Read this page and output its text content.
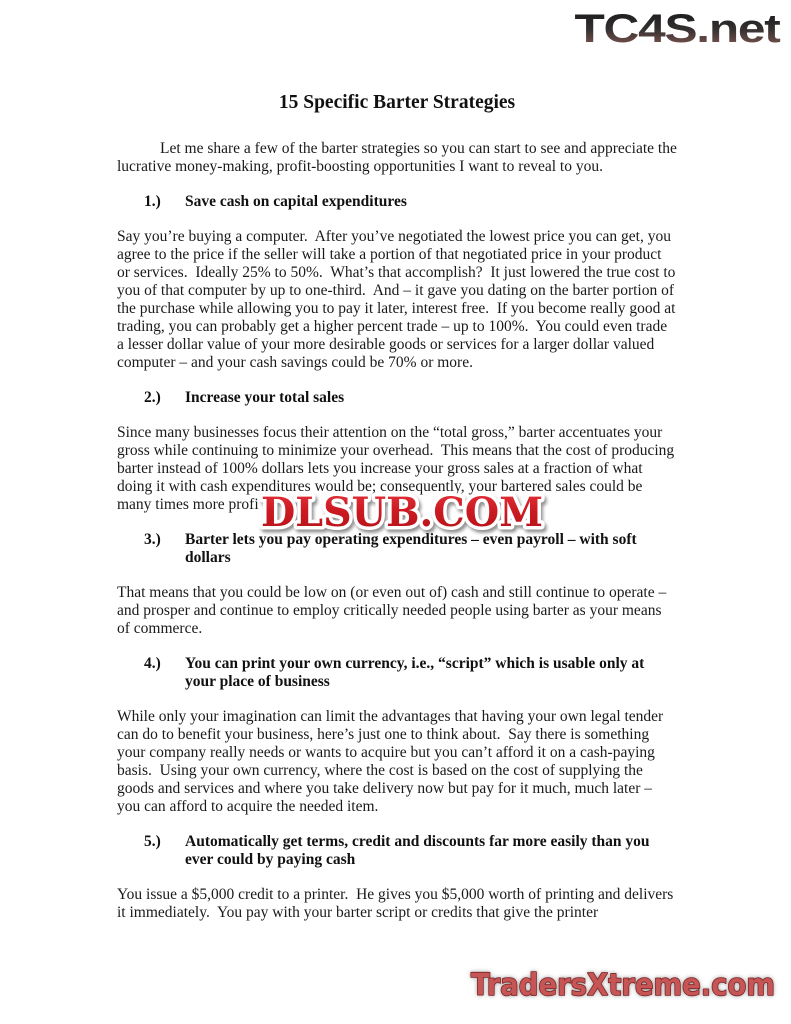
TC4S.net
15 Specific Barter Strategies

Let me share a few of the barter strategies so you can start to see and appreciate the lucrative money-making, profit-boosting opportunities I want to reveal to you.

1.) Save cash on capital expenditures

Say you’re buying a computer.  After you’ve negotiated the lowest price you can get, you agree to the price if the seller will take a portion of that negotiated price in your product or services.  Ideally 25% to 50%.  What’s that accomplish?  It just lowered the true cost to you of that computer by up to one-third.  And – it gave you dating on the barter portion of the purchase while allowing you to pay it later, interest free.  If you become really good at trading, you can probably get a higher percent trade – up to 100%.  You could even trade a lesser dollar value of your more desirable goods or services for a larger dollar valued computer – and your cash savings could be 70% or more.

2.) Increase your total sales

Since many businesses focus their attention on the “total gross,” barter accentuates your gross while continuing to minimize your overhead.  This means that the cost of producing barter instead of 100% dollars lets you increase your gross sales at a fraction of what doing it with cash expenditures would be; consequently, your bartered sales could be many times more profi

3.) Barter lets you pay operating expenditures – even payroll – with soft dollars

That means that you could be low on (or even out of) cash and still continue to operate – and prosper and continue to employ critically needed people using barter as your means of commerce.

4.) You can print your own currency, i.e., “script” which is usable only at your place of business

While only your imagination can limit the advantages that having your own legal tender can do to benefit your business, here’s just one to think about.  Say there is something your company really needs or wants to acquire but you can’t afford it on a cash-paying basis.  Using your own currency, where the cost is based on the cost of supplying the goods and services and where you take delivery now but pay for it much, much later – you can afford to acquire the needed item.

5.) Automatically get terms, credit and discounts far more easily than you ever could by paying cash

You issue a $5,000 credit to a printer.  He gives you $5,000 worth of printing and delivers it immediately.  You pay with your barter script or credits that give the printer

DLSUB.COM
TradersXtreme.com
